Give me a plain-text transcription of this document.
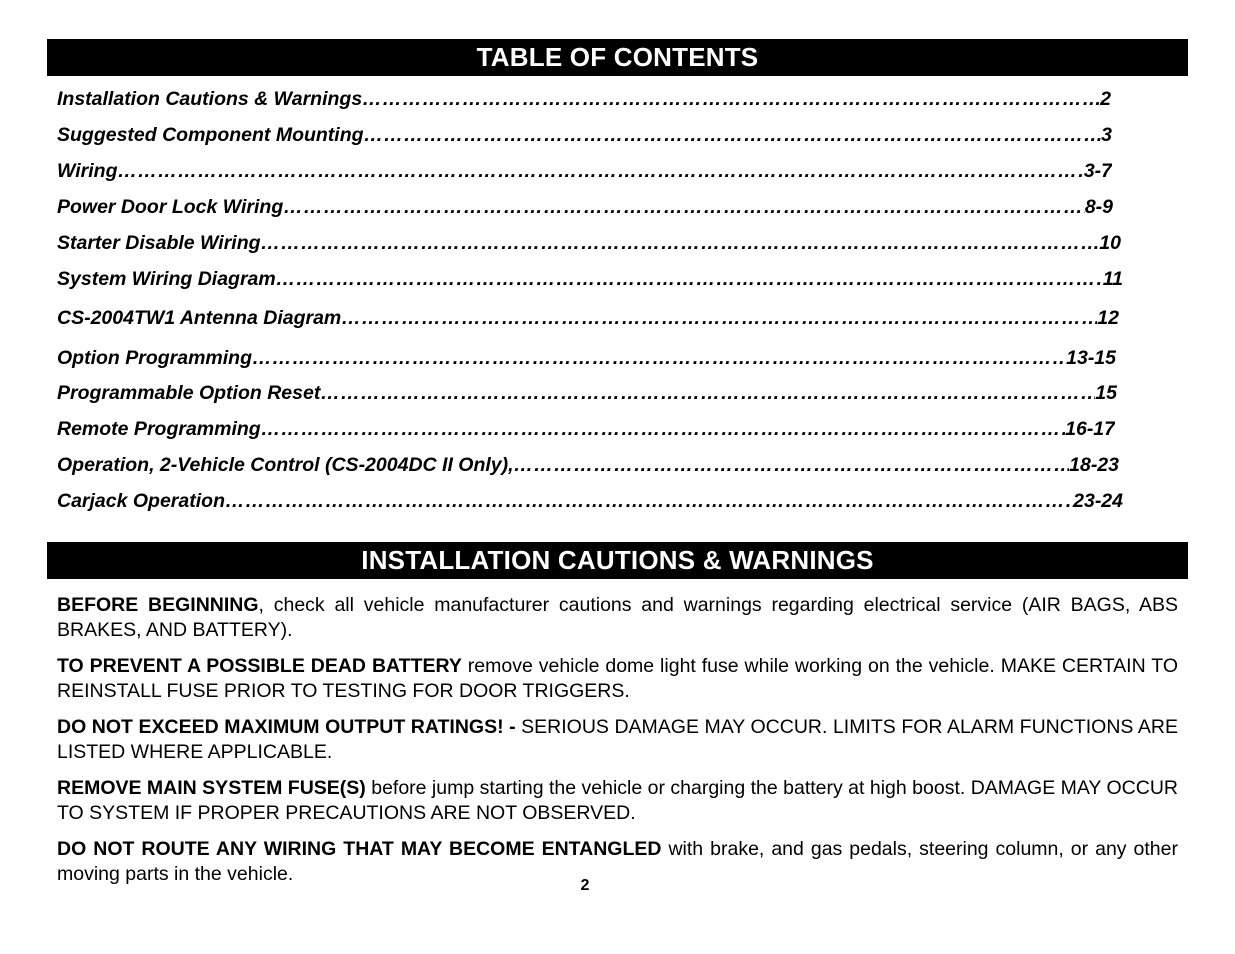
TABLE OF CONTENTS
Installation Cautions & Warnings ………………………………………………………………………………………………………………………………………………………………………………………………………………………………	2
Suggested Component Mounting ………………………………………………………………………………………………………………………………………………………………………………………………………………………………	3
Wiring ………………………………………………………………………………………………………………………………………………………………………………………………………………………………	3-7
Power Door Lock Wiring ………………………………………………………………………………………………………………………………………………………………………………………………………………………………	8-9
Starter Disable Wiring ………………………………………………………………………………………………………………………………………………………………………………………………………………………………	10
System Wiring Diagram ………………………………………………………………………………………………………………………………………………………………………………………………………………………………	11
CS-2004TW1 Antenna Diagram ………………………………………………………………………………………………………………………………………………………………………………………………………………………………	12
Option Programming ………………………………………………………………………………………………………………………………………………………………………………………………………………………………	13-15
Programmable Option Reset ………………………………………………………………………………………………………………………………………………………………………………………………………………………………	15
Remote Programming ………………………………………………………………………………………………………………………………………………………………………………………………………………………………	16-17
Operation, 2-Vehicle Control (CS-2004DC II Only), ………………………………………………………………………………………………………………………………………………………………………………………………………………………………	18-23
Carjack Operation ………………………………………………………………………………………………………………………………………………………………………………………………………………………………	23-24
INSTALLATION CAUTIONS & WARNINGS

BEFORE BEGINNING, check all vehicle manufacturer cautions and warnings regarding electrical service (AIR BAGS, ABS BRAKES, AND BATTERY).

TO PREVENT A POSSIBLE DEAD BATTERY remove vehicle dome light fuse while working on the vehicle. MAKE CERTAIN TO REINSTALL FUSE PRIOR TO TESTING FOR DOOR TRIGGERS.

DO NOT EXCEED MAXIMUM OUTPUT RATINGS! - SERIOUS DAMAGE MAY OCCUR. LIMITS FOR ALARM FUNCTIONS ARE LISTED WHERE APPLICABLE.

REMOVE MAIN SYSTEM FUSE(S) before jump starting the vehicle or charging the battery at high boost. DAMAGE MAY OCCUR TO SYSTEM IF PROPER PRECAUTIONS ARE NOT OBSERVED.

DO NOT ROUTE ANY WIRING THAT MAY BECOME ENTANGLED with brake, and gas pedals, steering column, or any other moving parts in the vehicle.

2
